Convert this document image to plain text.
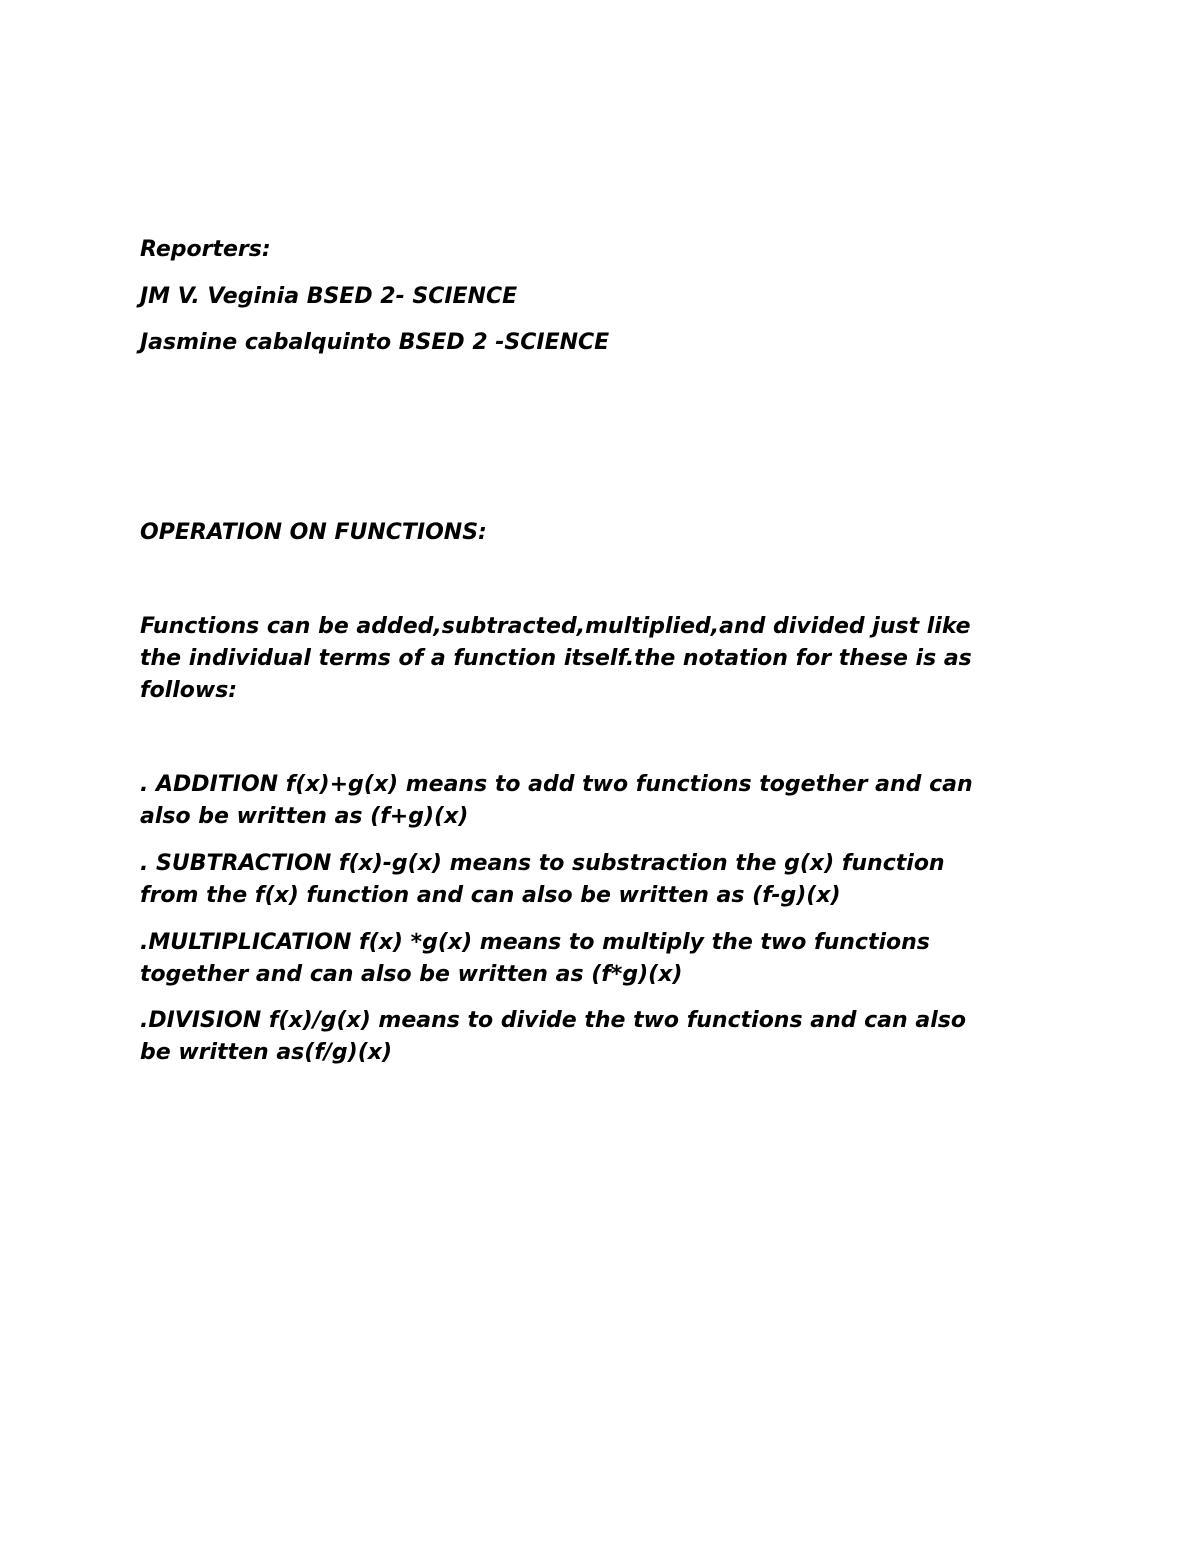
Reporters:
JM V. Veginia BSED 2- SCIENCE
Jasmine cabalquinto BSED 2 -SCIENCE
OPERATION ON FUNCTIONS:
Functions can be added,subtracted,multiplied,and divided just like
the individual terms of a function itself.the notation for these is as
follows:
. ADDITION f(x)+g(x) means to add two functions together and can
also be written as (f+g)(x)
. SUBTRACTION f(x)-g(x) means to substraction the g(x) function
from the f(x) function and can also be written as (f-g)(x)
.MULTIPLICATION f(x) *g(x) means to multiply the two functions
together and can also be written as (f*g)(x)
.DIVISION f(x)/g(x) means to divide the two functions and can also
be written as(f/g)(x)
